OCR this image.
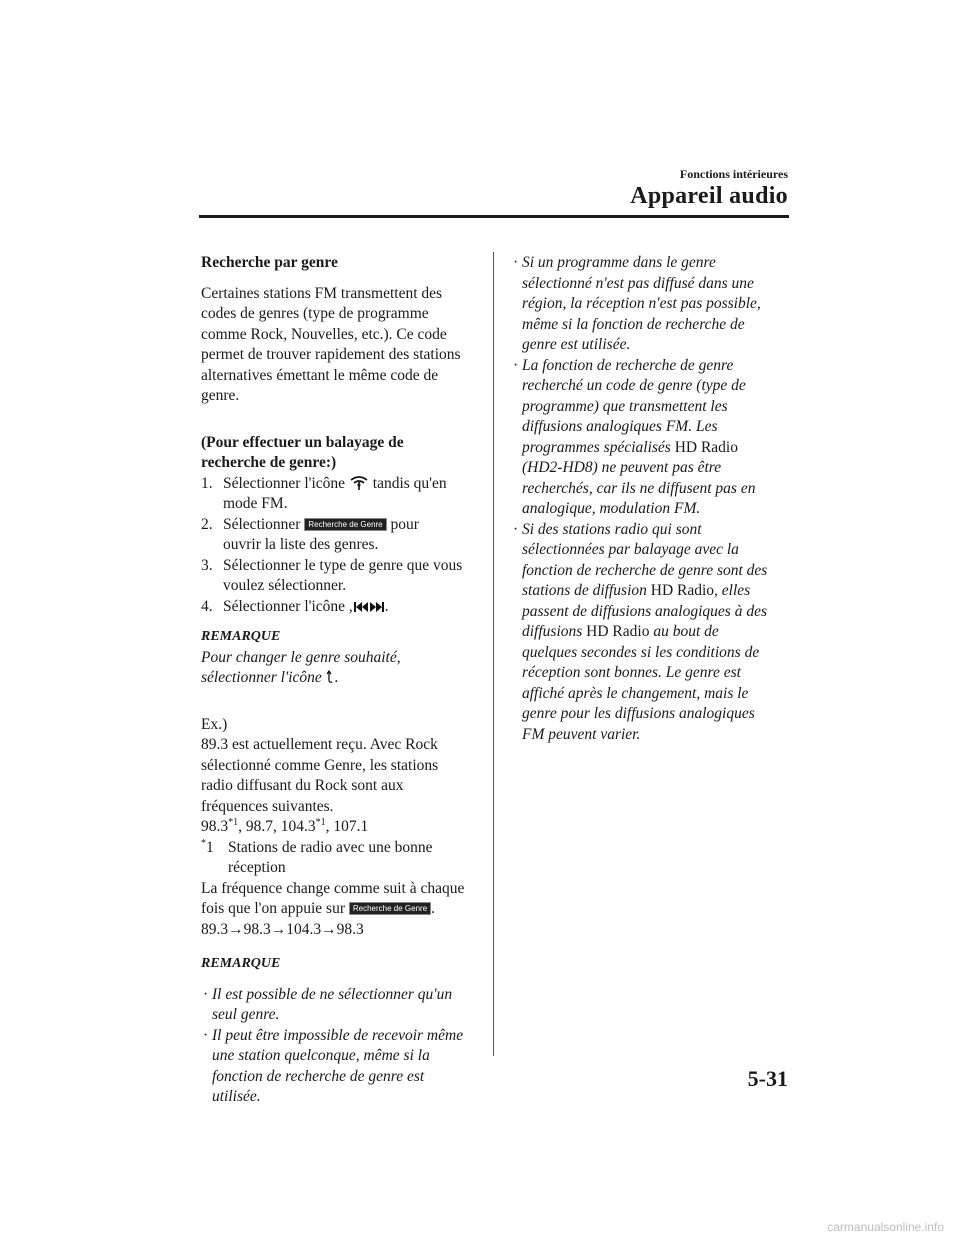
Fonctions intérieures
Appareil audio

Recherche par genre

Certaines stations FM transmettent des

codes de genres (type de programme

comme Rock, Nouvelles, etc.). Ce code

permet de trouver rapidement des stations

alternatives émettant le même code de

genre.

(Pour effectuer un balayage de

recherche de genre:)

1. Sélectionner l'icône  tandis qu'en
mode FM.
2. Sélectionner Recherche de Genre pour
ouvrir la liste des genres.
3. Sélectionner le type de genre que vous
voulez sélectionner.
4. Sélectionner l'icône , .

REMARQUE

Pour changer le genre souhaité,

sélectionner l'icône .

Ex.)

89.3 est actuellement reçu. Avec Rock

sélectionné comme Genre, les stations

radio diffusant du Rock sont aux

fréquences suivantes.

98.3$^{*1}$, 98.7, 104.3$^{*1}$, 107.1

*1 Stations de radio avec une bonne
réception

La fréquence change comme suit à chaque

fois que l'on appuie sur Recherche de Genre .

89.3→98.3→104.3→98.3

REMARQUE

· Il est possible de ne sélectionner qu'un
seul genre.
· Il peut être impossible de recevoir même
une station quelconque, même si la
fonction de recherche de genre est
utilisée.
· Si un programme dans le genre
sélectionné n'est pas diffusé dans une
région, la réception n'est pas possible,
même si la fonction de recherche de
genre est utilisée.
· La fonction de recherche de genre
recherché un code de genre (type de
programme) que transmettent les
diffusions analogiques FM. Les
programmes spécialisés HD Radio
(HD2-HD8) ne peuvent pas être
recherchés, car ils ne diffusent pas en
analogique, modulation FM.
· Si des stations radio qui sont
sélectionnées par balayage avec la
fonction de recherche de genre sont des
stations de diffusion HD Radio, elles
passent de diffusions analogiques à des
diffusions HD Radio au bout de
quelques secondes si les conditions de
réception sont bonnes. Le genre est
affiché après le changement, mais le
genre pour les diffusions analogiques
FM peuvent varier.
5-31
carmanualsonline.info
